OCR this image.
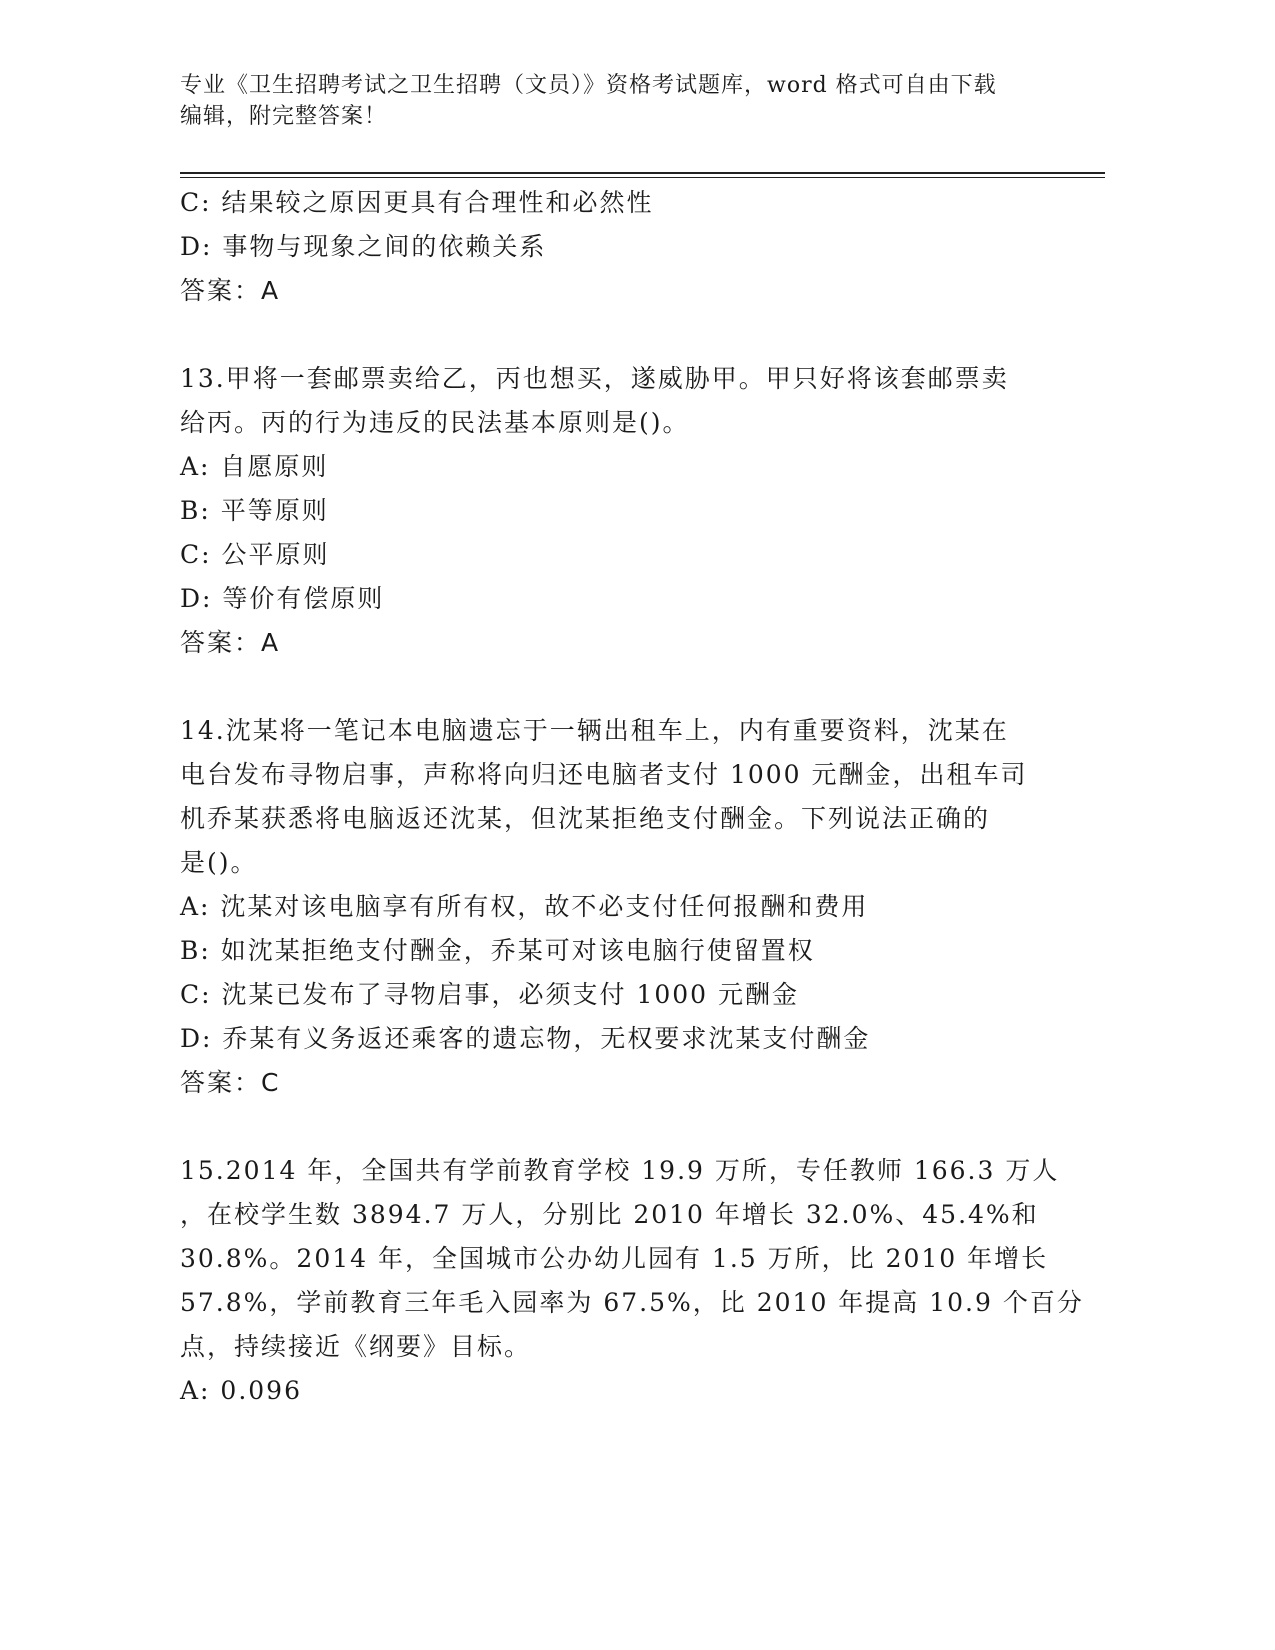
专业《卫生招聘考试之卫生招聘（文员）》资格考试题库，word 格式可自由下载
编辑，附完整答案！
C: 结果较之原因更具有合理性和必然性
D: 事物与现象之间的依赖关系
答案：A
13.甲将一套邮票卖给乙，丙也想买，遂威胁甲。甲只好将该套邮票卖
给丙。丙的行为违反的民法基本原则是()。
A: 自愿原则
B: 平等原则
C: 公平原则
D: 等价有偿原则
答案：A
14.沈某将一笔记本电脑遗忘于一辆出租车上，内有重要资料，沈某在
电台发布寻物启事，声称将向归还电脑者支付 1000 元酬金，出租车司
机乔某获悉将电脑返还沈某，但沈某拒绝支付酬金。下列说法正确的
是()。
A: 沈某对该电脑享有所有权，故不必支付任何报酬和费用
B: 如沈某拒绝支付酬金，乔某可对该电脑行使留置权
C: 沈某已发布了寻物启事，必须支付 1000 元酬金
D: 乔某有义务返还乘客的遗忘物，无权要求沈某支付酬金
答案：C
15.2014 年，全国共有学前教育学校 19.9 万所，专任教师 166.3 万人
，在校学生数 3894.7 万人，分别比 2010 年增长 32.0%、45.4%和
30.8%。2014 年，全国城市公办幼儿园有 1.5 万所，比 2010 年增长
57.8%，学前教育三年毛入园率为 67.5%，比 2010 年提高 10.9 个百分
点，持续接近《纲要》目标。
A: 0.096
